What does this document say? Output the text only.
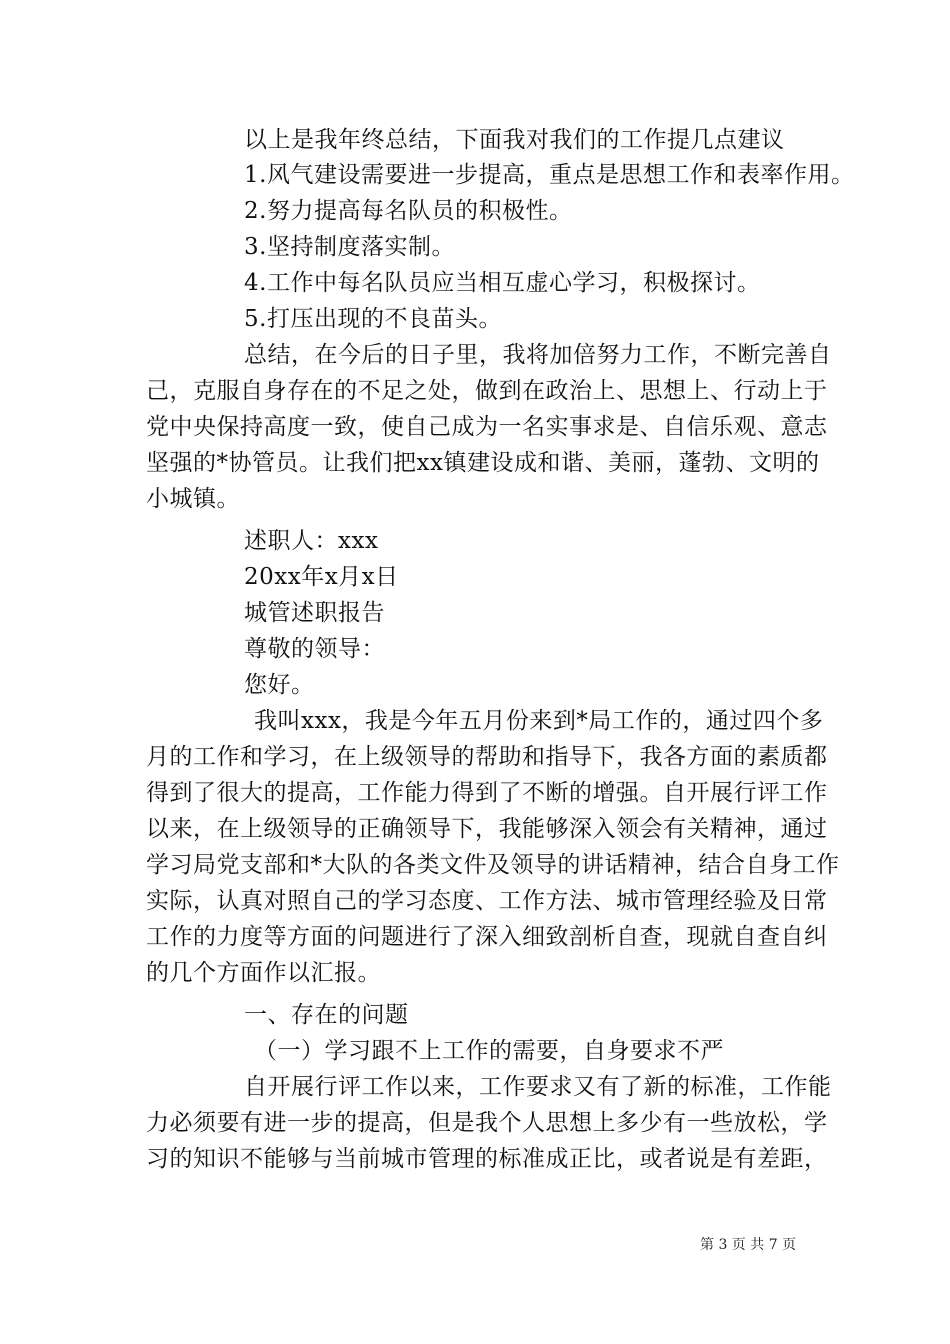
以上是我年终总结，下面我对我们的工作提几点建议
1.风气建设需要进一步提高，重点是思想工作和表率作用。
2.努力提高每名队员的积极性。
3.坚持制度落实制。
4.工作中每名队员应当相互虚心学习，积极探讨。
5.打压出现的不良苗头。
总结，在今后的日子里，我将加倍努力工作，不断完善自
己，克服自身存在的不足之处，做到在政治上、思想上、行动上于
党中央保持高度一致，使自己成为一名实事求是、自信乐观、意志
坚强的*协管员。让我们把xx镇建设成和谐、美丽，蓬勃、文明的
小城镇。
述职人：xxx
20xx年x月x日
城管述职报告
尊敬的领导：
您好。
我叫xxx，我是今年五月份来到*局工作的，通过四个多
月的工作和学习，在上级领导的帮助和指导下，我各方面的素质都
得到了很大的提高，工作能力得到了不断的增强。自开展行评工作
以来，在上级领导的正确领导下，我能够深入领会有关精神，通过
学习局党支部和*大队的各类文件及领导的讲话精神，结合自身工作
实际，认真对照自己的学习态度、工作方法、城市管理经验及日常
工作的力度等方面的问题进行了深入细致剖析自查，现就自查自纠
的几个方面作以汇报。
一、存在的问题
（一）学习跟不上工作的需要，自身要求不严
自开展行评工作以来，工作要求又有了新的标准，工作能
力必须要有进一步的提高，但是我个人思想上多少有一些放松，学
习的知识不能够与当前城市管理的标准成正比，或者说是有差距，
第 3 页 共 7 页
